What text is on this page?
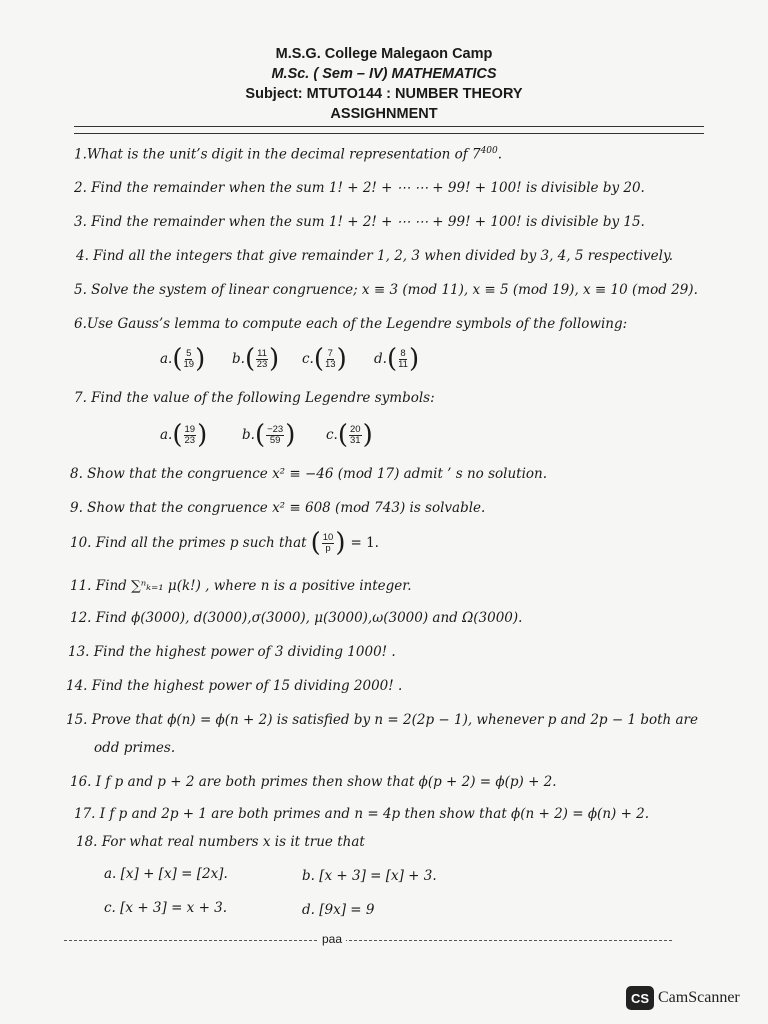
M.S.G. College Malegaon Camp
M.Sc. ( Sem – IV) MATHEMATICS
Subject: MTUTO144 : NUMBER THEORY
ASSIGHNMENT
1.What is the unit’s digit in the decimal representation of $7^{400}$.
2. Find the remainder when the sum 1! + 2! + ⋯ ⋯ + 99! + 100! is divisible by 20.
3. Find the remainder when the sum 1! + 2! + ⋯ ⋯ + 99! + 100! is divisible by 15.
4. Find all the integers that give remainder 1, 2, 3 when divided by 3, 4, 5 respectively.
5. Solve the system of linear congruence; x ≡ 3 (mod 11), x ≡ 5 (mod 19), x ≡ 10 (mod 29).
6.Use Gauss’s lemma to compute each of the Legendre symbols of the following:
a. ( $\frac{5}{19}$ ) b. ( $\frac{11}{23}$ ) c. ( $\frac{7}{13}$ ) d. ( $\frac{8}{11}$ )
7. Find the value of the following Legendre symbols:
a. ( $\frac{19}{23}$ )	b. ( $\frac{-23}{59}$ ) c. ( $\frac{20}{31}$ )
8. Show that the congruence x² ≡ −46 (mod 17) admit ’ s no solution.
9. Show that the congruence x² ≡ 608 (mod 743) is solvable.
10. Find all the primes p such that ( $\frac{10}{p}$ ) = 1.
11. Find ∑ⁿₖ₌₁ μ(k!) , where n is a positive integer.
12. Find ϕ(3000), d(3000),σ(3000), μ(3000),ω(3000) and Ω(3000).
13. Find the highest power of 3 dividing 1000! .
14. Find the highest power of 15 dividing 2000! .
15. Prove that ϕ(n) = ϕ(n + 2) is satisfied by n = 2(2p − 1), whenever p and 2p − 1 both are
odd primes.
16. I f p and p + 2 are both primes then show that ϕ(p + 2) = ϕ(p) + 2.
17. I f p and 2p + 1 are both primes and n = 4p then show that ϕ(n + 2) = ϕ(n) + 2.
18. For what real numbers x is it true that
a. [x] + [x] = [2x].	b. [x + 3] = [x] + 3.
c. [x + 3] = x + 3.	d. [9x] = 9
paa
CS CamScanner
